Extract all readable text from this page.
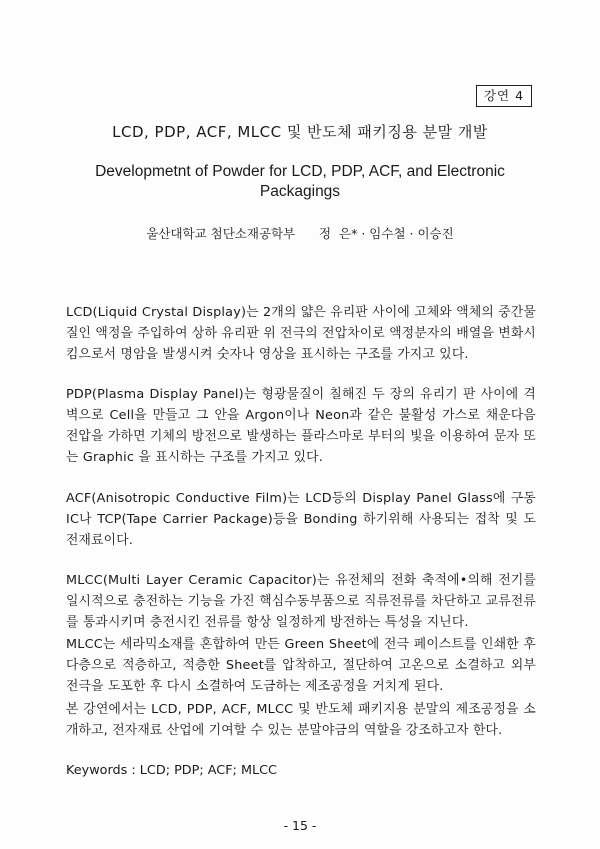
강연 4
LCD, PDP, ACF, MLCC 및 반도체 패키징용 분말 개발
Developmetnt of Powder for LCD, PDP, ACF, and Electronic Packagings
울산대학교 첨단소재공학부      정  은* · 임수철 · 이승진

LCD(Liquid Crystal Display)는 2개의 얇은 유리판 사이에 고체와 액체의 중간물질인 액정을 주입하여 상하 유리판 위 전극의 전압차이로 액정분자의 배열을 변화시킴으로서 명암을 발생시켜 숫자나 영상을 표시하는 구조를 가지고 있다.

PDP(Plasma Display Panel)는 형광물질이 칠해진 두 장의 유리기 판 사이에 격벽으로 Cell을 만들고 그 안을 Argon이나 Neon과 같은 불활성 가스로 채운다음 전압을 가하면 기체의 방전으로 발생하는 플라스마로 부터의 빛을 이용하여 문자 또는 Graphic 을 표시하는 구조를 가지고 있다.

ACF(Anisotropic Conductive Film)는 LCD등의 Display Panel Glass에 구동 IC나 TCP(Tape Carrier Package)등을 Bonding 하기위해 사용되는 접착 및 도전재료이다.

MLCC(Multi Layer Ceramic Capacitor)는 유전체의 전화 축적에•의해 전기를 일시적으로 충전하는 기능을 가진 핵심수동부품으로 직류전류를 차단하고 교류전류를 통과시키며 충전시킨 전류를 항상 일정하게 방전하는 특성을 지닌다.

MLCC는 세라믹소재를 혼합하여 만든 Green Sheet에 전극 페이스트를 인쇄한 후 다층으로 적층하고, 적층한 Sheet를 압착하고, 절단하여 고온으로 소결하고 외부전극을 도포한 후 다시 소결하여 도금하는 제조공정을 거치게 된다.

본 강연에서는 LCD, PDP, ACF, MLCC 및 반도체 패키지용 분말의 제조공정을 소개하고, 전자재료 산업에 기여할 수 있는 분말야금의 역할을 강조하고자 한다.

Keywords : LCD; PDP; ACF; MLCC
- 15 -
